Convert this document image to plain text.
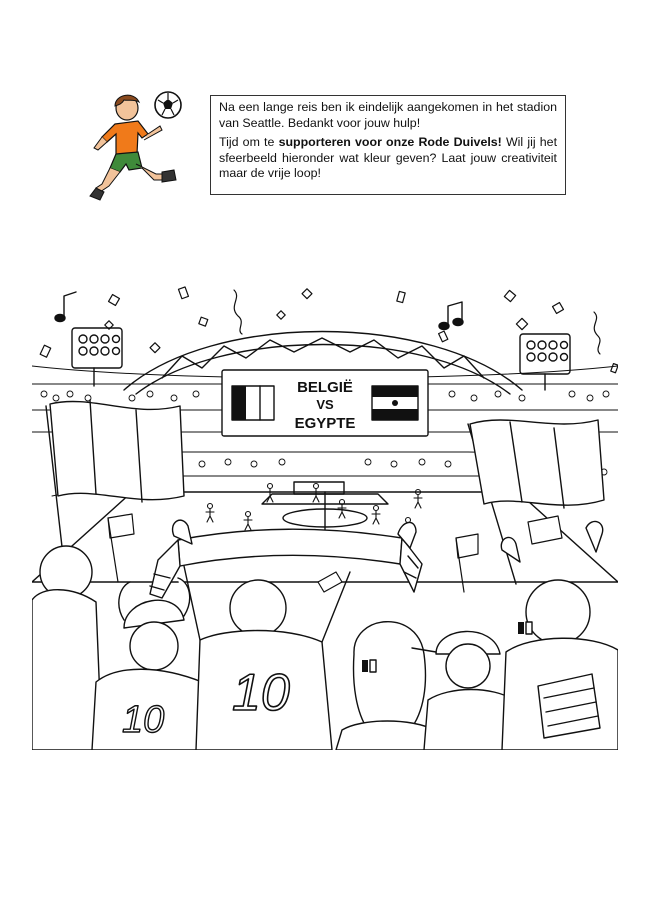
Na een lange reis ben ik eindelijk aangekomen in het stadion van Seattle. Bedankt voor jouw hulp!

Tijd om te supporteren voor onze Rode Duivels! Wil jij het sfeerbeeld hieronder wat kleur geven? Laat jouw creativiteit maar de vrije loop!

BELGIË
VS
EGYPTE
10 10
